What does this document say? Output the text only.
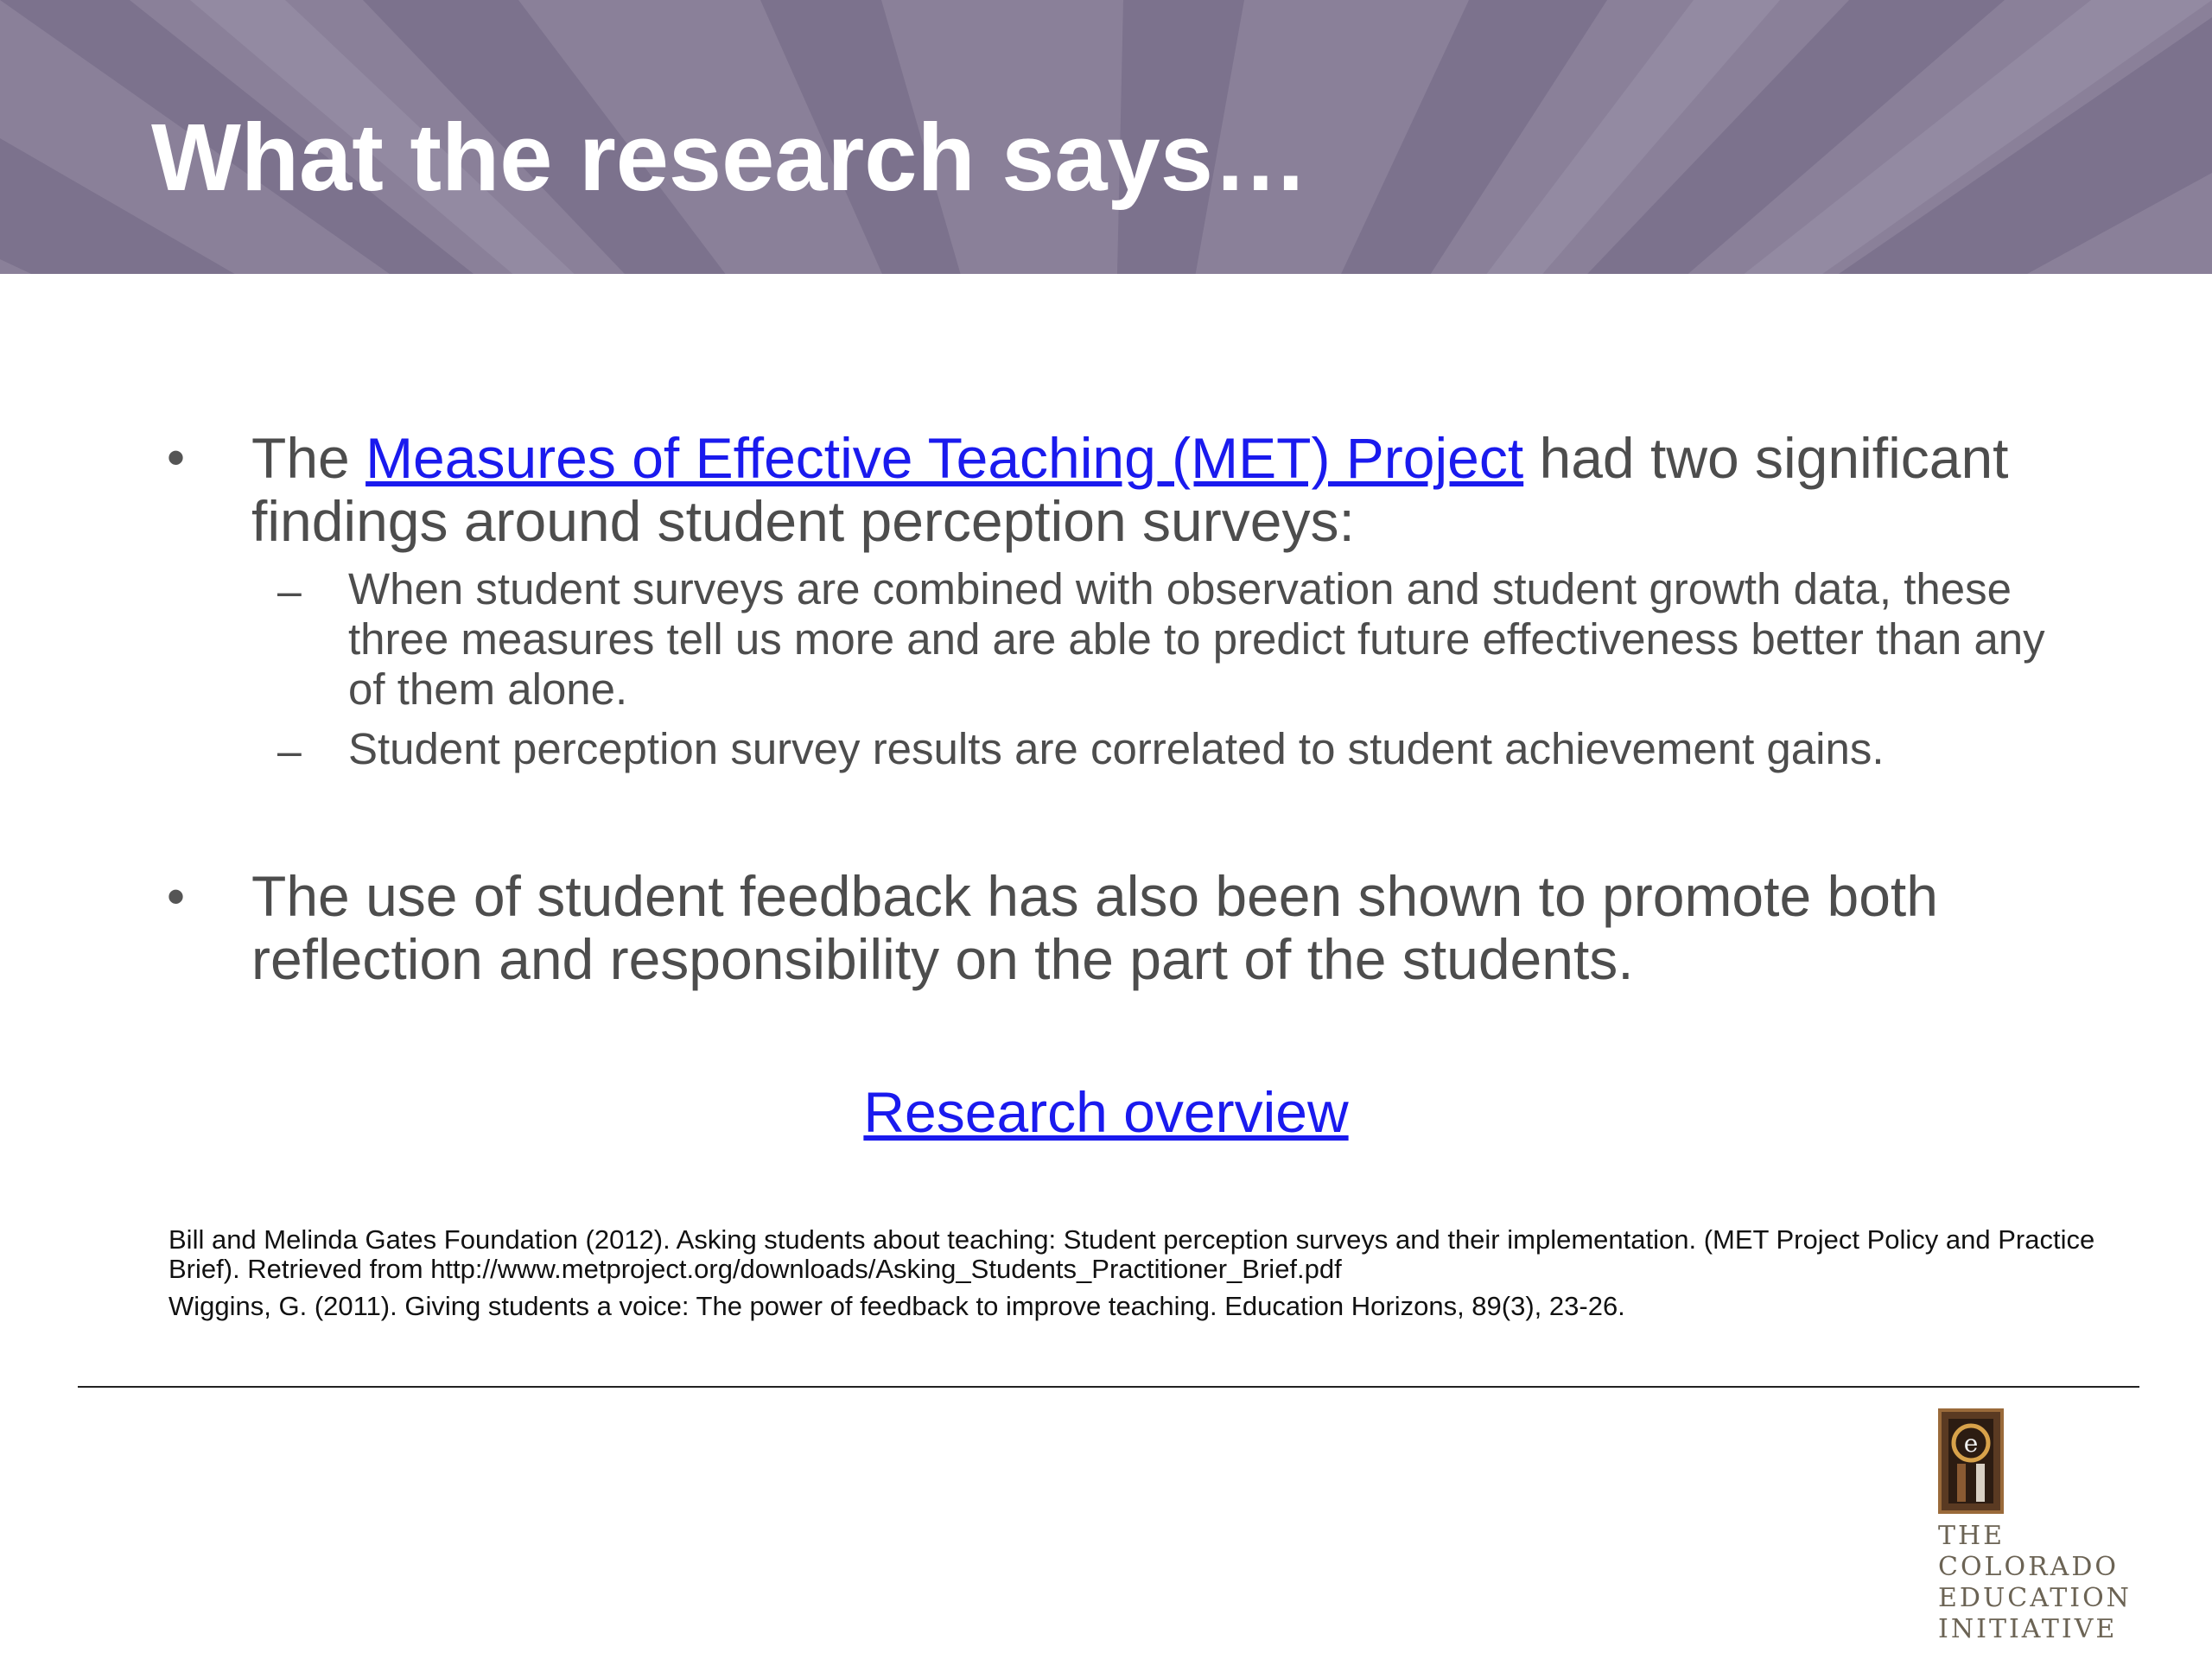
What the research says…
• The Measures of Effective Teaching (MET) Project had two significant findings around student perception surveys:
– When student surveys are combined with observation and student growth data, these three measures tell us more and are able to predict future effectiveness better than any of them alone.
– Student perception survey results are correlated to student achievement gains.
• The use of student feedback has also been shown to promote both reflection and responsibility on the part of the students.
Research overview
Bill and Melinda Gates Foundation (2012). Asking students about teaching: Student perception surveys and their implementation. (MET Project Policy and Practice Brief). Retrieved from http://www.metproject.org/downloads/Asking_Students_Practitioner_Brief.pdf
Wiggins, G. (2011). Giving students a voice: The power of feedback to improve teaching. Education Horizons, 89(3), 23-26.
e
THE
COLORADO
EDUCATION
INITIATIVE
